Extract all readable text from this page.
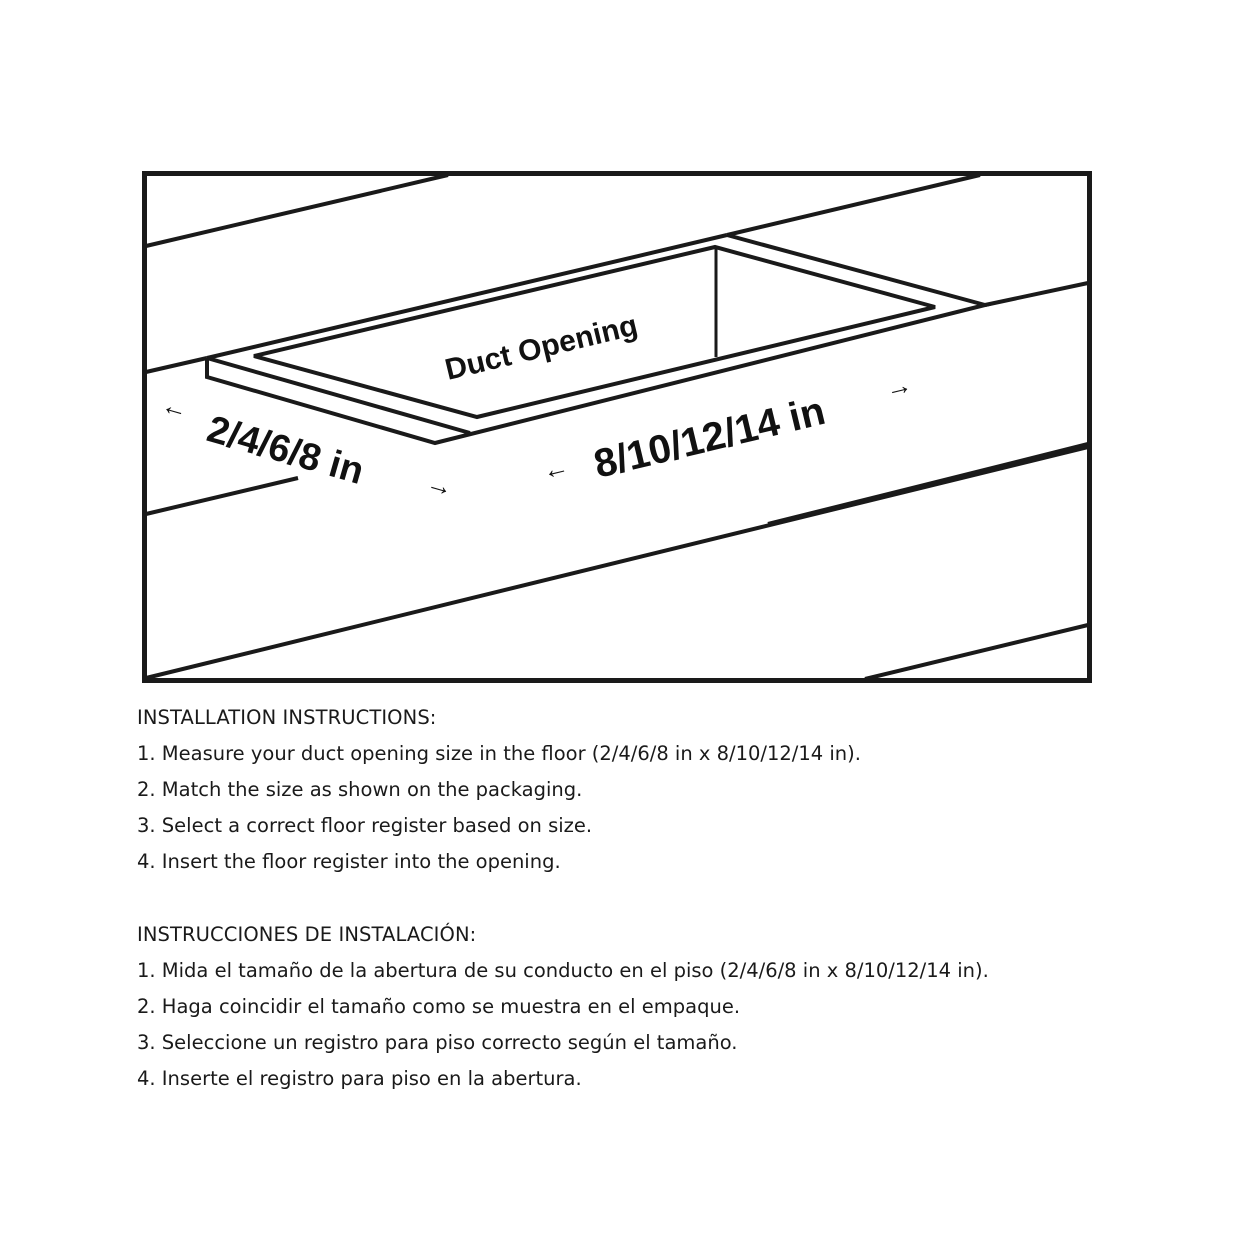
Duct Opening
←
2/4/6/8 in →	← 8/10/12/14 in
→
INSTALLATION INSTRUCTIONS:
1. Measure your duct opening size in the floor (2/4/6/8 in x 8/10/12/14 in).
2. Match the size as shown on the packaging.
3. Select a correct floor register based on size.
4. Insert the floor register into the opening.
INSTRUCCIONES DE INSTALACIÓN:
1. Mida el tamaño de la abertura de su conducto en el piso (2/4/6/8 in x 8/10/12/14 in).
2. Haga coincidir el tamaño como se muestra en el empaque.
3. Seleccione un registro para piso correcto según el tamaño.
4. Inserte el registro para piso en la abertura.
